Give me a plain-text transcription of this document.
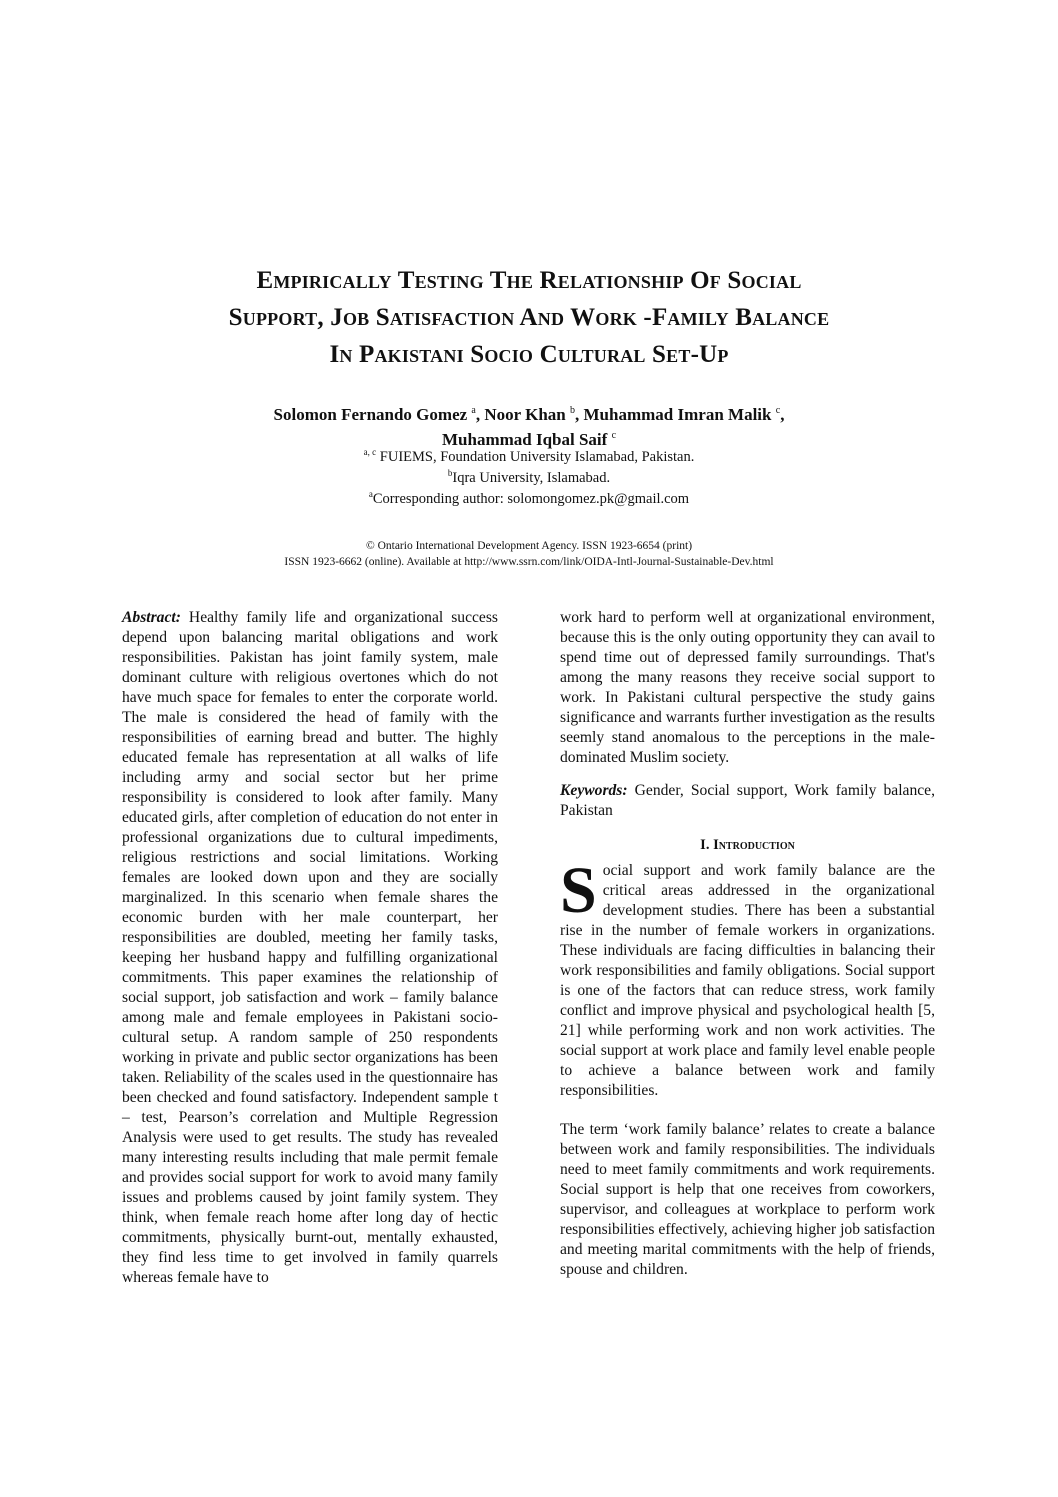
Empirically Testing The Relationship Of Social
Support, Job Satisfaction And Work -Family Balance
In Pakistani Socio Cultural Set-Up
Solomon Fernando Gomez $^a$, Noor Khan $^b$, Muhammad Imran Malik $^c$,
Muhammad Iqbal Saif $^c$
$^{a, c}$ FUIEMS, Foundation University Islamabad, Pakistan.
$^b$Iqra University, Islamabad.
$^a$Corresponding author: solomongomez.pk@gmail.com
© Ontario International Development Agency. ISSN 1923-6654 (print)
ISSN 1923-6662 (online). Available at http://www.ssrn.com/link/OIDA-Intl-Journal-Sustainable-Dev.html

Abstract: Healthy family life and organizational success depend upon balancing marital obligations and work responsibilities. Pakistan has joint family system, male dominant culture with religious overtones which do not have much space for females to enter the corporate world. The male is considered the head of family with the responsibilities of earning bread and butter. The highly educated female has representation at all walks of life including army and social sector but her prime responsibility is considered to look after family. Many educated girls, after completion of education do not enter in professional organizations due to cultural impediments, religious restrictions and social limitations. Working females are looked down upon and they are socially marginalized. In this scenario when female shares the economic burden with her male counterpart, her responsibilities are doubled, meeting her family tasks, keeping her husband happy and fulfilling organizational commitments. This paper examines the relationship of social support, job satisfaction and work – family balance among male and female employees in Pakistani socio-cultural setup. A random sample of 250 respondents working in private and public sector organizations has been taken. Reliability of the scales used in the questionnaire has been checked and found satisfactory. Independent sample t – test, Pearson’s correlation and Multiple Regression Analysis were used to get results. The study has revealed many interesting results including that male permit female and provides social support for work to avoid many family issues and problems caused by joint family system. They think, when female reach home after long day of hectic commitments, physically burnt-out, mentally exhausted, they find less time to get involved in family quarrels whereas female have to

work hard to perform well at organizational environment, because this is the only outing opportunity they can avail to spend time out of depressed family surroundings. That's among the many reasons they receive social support to work. In Pakistani cultural perspective the study gains significance and warrants further investigation as the results seemly stand anomalous to the perceptions in the male-dominated Muslim society.

Keywords: Gender, Social support, Work family balance, Pakistan

I. Introduction

Social support and work family balance are the critical areas addressed in the organizational development studies. There has been a substantial rise in the number of female workers in organizations. These individuals are facing difficulties in balancing their work responsibilities and family obligations. Social support is one of the factors that can reduce stress, work family conflict and improve physical and psychological health [5, 21] while performing work and non work activities. The social support at work place and family level enable people to achieve a balance between work and family responsibilities.

The term ‘work family balance’ relates to create a balance between work and family responsibilities. The individuals need to meet family commitments and work requirements. Social support is help that one receives from coworkers, supervisor, and colleagues at workplace to perform work responsibilities effectively, achieving higher job satisfaction and meeting marital commitments with the help of friends, spouse and children.
